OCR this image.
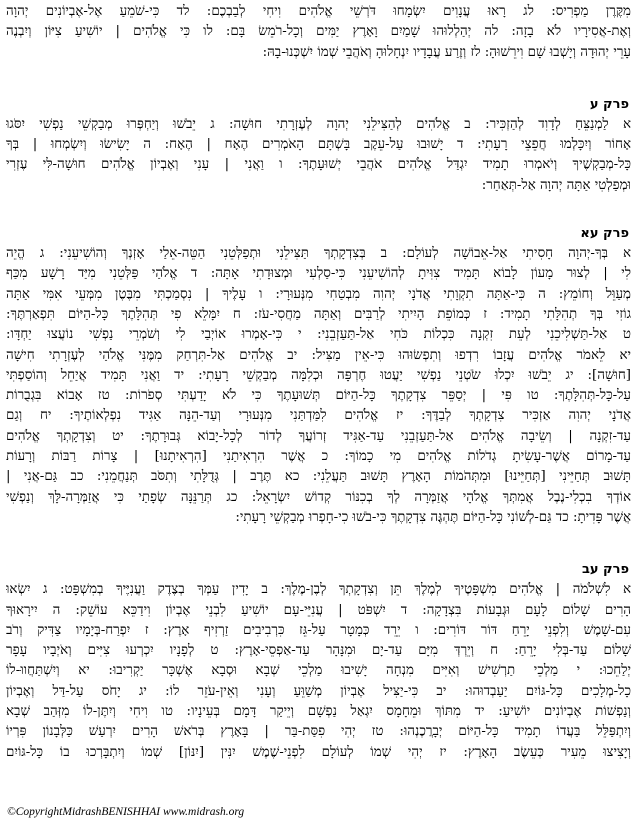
מִקֶּרֶן מַפְרִיס: לג רָאוּ עֲנָוִים יִשְׂמָחוּ דֹּרְשֵׁי אֱלֹהִים וִיחִי לְבַבְכֶם: לד כִּי-שֹׁמֵעַ אֶל-אֶבְיוֹנִים יְהוָה
וְאֶת-אֲסִירָיו לֹא בָזָה: לה יְהַלְלוּהוּ שָׁמַיִם וָאָרֶץ יַמִּים וְכָל-רֹמֵשׂ בָּם: לו כִּי אֱלֹהִים | יוֹשִׁיעַ צִיּוֹן וְיִבְנֶה
עָרֵי יְהוּדָה וְיָשְׁבוּ שָׁם וִירֵשׁוּהָ: לז וְזֶרַע עֲבָדָיו יִנְחָלוּהָ וְאֹהֲבֵי שְׁמוֹ יִשְׁכְּנוּ-בָהּ:
פרק ע
א לַמְנַצֵּחַ לְדָוִד לְהַזְכִּיר: ב אֱלֹהִים לְהַצִּילֵנִי יְהוָה לְעֶזְרָתִי חוּשָׁה: ג יֵבֹשׁוּ וְיַחְפְּרוּ מְבַקְשֵׁי נַפְשִׁי יִסֹּגוּ
אָחוֹר וְיִכָּלְמוּ חֲפֵצֵי רָעָתִי: ד יָשׁוּבוּ עַל-עֵקֶב בָּשְׁתָּם הָאֹמְרִים הֶאָח | הֶאָח: ה יָשִׂישׂוּ וְיִשְׂמְחוּ | בְּךָ
כָּל-מְבַקְשֶׁיךָ וְיֹאמְרוּ תָמִיד יִגְדַּל אֱלֹהִים אֹהֲבֵי יְשׁוּעָתֶךָ: ו וַאֲנִי | עָנִי וְאֶבְיוֹן אֱלֹהִים חוּשָׁה-לִּי עֶזְרִי
וּמְפַלְטִי אַתָּה יְהוָה אַל-תְּאַחַר:
פרק עא
א בְּךָ-יְהוָה חָסִיתִי אַל-אֵבוֹשָׁה לְעוֹלָם: ב בְּצִדְקָתְךָ תַּצִּילֵנִי וּתְפַלְּטֵנִי הַטֵּה-אֵלַי אָזְנְךָ וְהוֹשִׁיעֵנִי: ג הֱיֵה
לִי | לְצוּר מָעוֹן לָבוֹא תָּמִיד צִוִּיתָ לְהוֹשִׁיעֵנִי כִּי-סַלְעִי וּמְצוּדָתִי אָתָּה: ד אֱלֹהַי פַּלְּטֵנִי מִיַּד רָשָׁע מִכַּף
מְעַוֵּל וְחוֹמֵץ: ה כִּי-אַתָּה תִקְוָתִי אֲדֹנָי יְהוִה מִבְטַחִי מִנְּעוּרָי: ו עָלֶיךָ | נִסְמַכְתִּי מִבֶּטֶן מִמְּעֵי אִמִּי אַתָּה
גוֹזִי בְּךָ תְהִלָּתִי תָמִיד: ז כְּמוֹפֵת הָיִיתִי לְרַבִּים וְאַתָּה מַחֲסִי-עֹז: ח יִמָּלֵא פִי תְּהִלָּתֶךָ כָּל-הַיּוֹם תִּפְאַרְתֶּךָ:
ט אַל-תַּשְׁלִיכֵנִי לְעֵת זִקְנָה כִּכְלוֹת כֹּחִי אַל-תַּעַזְבֵנִי: י כִּי-אָמְרוּ אוֹיְבַי לִי וְשֹׁמְרֵי נַפְשִׁי נוֹעֲצוּ יַחְדָּו:
יא לֵאמֹר אֱלֹהִים עֲזָבוֹ רִדְפוּ וְתִפְשׂוּהוּ כִּי-אֵין מַצִּיל: יב אֱלֹהִים אַל-תִּרְחַק מִמֶּנִּי אֱלֹהַי לְעֶזְרָתִי חִישָׁה
[חוּשָׁה]: יג יֵבֹשׁוּ יִכְלוּ שֹׂטְנֵי נַפְשִׁי יַעֲטוּ חֶרְפָּה וּכְלִמָּה מְבַקְשֵׁי רָעָתִי: יד וַאֲנִי תָּמִיד אֲיַחֵל וְהוֹסַפְתִּי
עַל-כָּל-תְּהִלָּתֶךָ: טו פִּי | יְסַפֵּר צִדְקָתֶךָ כָּל-הַיּוֹם תְּשׁוּעָתֶךָ כִּי לֹא יָדַעְתִּי סְפֹרוֹת: טז אָבוֹא בִּגְבֻרוֹת
אֲדֹנָי יְהוִה אַזְכִּיר צִדְקָתְךָ לְבַדֶּךָ: יז אֱלֹהִים לִמַּדְתַּנִי מִנְּעוּרָי וְעַד-הֵנָּה אַגִּיד נִפְלְאוֹתֶיךָ: יח וְגַם
עַד-זִקְנָה | וְשֵׂיבָה אֱלֹהִים אַל-תַּעַזְבֵנִי עַד-אַגִּיד זְרוֹעֲךָ לְדוֹר לְכָל-יָבוֹא גְּבוּרָתֶךָ: יט וְצִדְקָתְךָ אֱלֹהִים
עַד-מָרוֹם אֲשֶׁר-עָשִׂיתָ גְדֹלוֹת אֱלֹהִים מִי כָמוֹךָ: כ אֲשֶׁר הִרְאִיתַנִי [הִרְאִיתָנוּ] | צָרוֹת רַבּוֹת וְרָעוֹת
תָּשׁוּב תְּחַיֵּינִי [תְּחַיֵּינוּ] וּמִתְּהֹמוֹת הָאָרֶץ תָּשׁוּב תַּעֲלֵנִי: כא תֶּרֶב | גְּדֻלָּתִי וְתִסֹּב תְּנַחֲמֵנִי: כב גַּם-אֲנִי |
אוֹדְךָ בִכְלִי-נֶבֶל אֲמִתְּךָ אֱלֹהָי אֲזַמְּרָה לְךָ בְכִנּוֹר קְדוֹשׁ יִשְׂרָאֵל: כג תְּרַנֵּנָּה שְׂפָתַי כִּי אֲזַמְּרָה-לָּךְ וְנַפְשִׁי
אֲשֶׁר פָּדִיתָ: כד גַּם-לְשׁוֹנִי כָּל-הַיּוֹם תֶּהְגֶּה צִדְקָתֶךָ כִּי-בֹשׁוּ כִי-חָפְרוּ מְבַקְשֵׁי רָעָתִי:
פרק עב
א לִשְׁלֹמֹה | אֱלֹהִים מִשְׁפָּטֶיךָ לְמֶלֶךְ תֵּן וְצִדְקָתְךָ לְבֶן-מֶלֶךְ: ב יָדִין עַמְּךָ בְצֶדֶק וַעֲנִיֶּיךָ בְמִשְׁפָּט: ג יִשְׂאוּ
הָרִים שָׁלוֹם לָעָם וּגְבָעוֹת בִּצְדָקָה: ד יִשְׁפֹּט | עֲנִיֵּי-עָם יוֹשִׁיעַ לִבְנֵי אֶבְיוֹן וִידַכֵּא עוֹשֵׁק: ה יִירָאוּךָ
עִם-שָׁמֶשׁ וְלִפְנֵי יָרֵחַ דּוֹר דּוֹרִים: ו יֵרֵד כְּמָטָר עַל-גֵּז כִּרְבִיבִים זַרְזִיף אָרֶץ: ז יִפְרַח-בְּיָמָיו צַדִּיק וְרֹב
שָׁלוֹם עַד-בְּלִי יָרֵחַ: ח וְיֵרְדְּ מִיָּם עַד-יָם וּמִנָּהָר עַד-אַפְסֵי-אָרֶץ: ט לְפָנָיו יִכְרְעוּ צִיִּים וְאֹיְבָיו עָפָר
יְלַחֵכוּ: י מַלְכֵי תַרְשִׁישׁ וְאִיִּים מִנְחָה יָשִׁיבוּ מַלְכֵי שְׁבָא וּסְבָא אֶשְׁכָּר יַקְרִיבוּ: יא וְיִשְׁתַּחֲווּ-לוֹ
כָל-מְלָכִים כָּל-גּוֹיִם יַעַבְדוּהוּ: יב כִּי-יַצִּיל אֶבְיוֹן מְשַׁוֵּעַ וְעָנִי וְאֵין-עֹזֵר לוֹ: יג יָחֹס עַל-דַּל וְאֶבְיוֹן
וְנַפְשׁוֹת אֶבְיוֹנִים יוֹשִׁיעַ: יד מִתּוֹךְ וּמֵחָמָס יִגְאַל נַפְשָׁם וְיֵיקַר דָּמָם בְּעֵינָיו: טו וִיחִי וְיִתֶּן-לוֹ מִזְּהַב שְׁבָא
וְיִתְפַּלֵּל בַּעֲדוֹ תָמִיד כָּל-הַיּוֹם יְבָרֲכֶנְהוּ: טז יְהִי פִסַּת-בַּר | בָּאָרֶץ בְּרֹאשׁ הָרִים יִרְעַשׁ כַּלְּבָנוֹן פִּרְיוֹ
וְיָצִיצוּ מֵעִיר כְּעֵשֶׂב הָאָרֶץ: יז יְהִי שְׁמוֹ לְעוֹלָם לִפְנֵי-שֶׁמֶשׁ יִנִּין [יִנּוֹן] שְׁמוֹ וְיִתְבָּרְכוּ בוֹ כָּל-גּוֹיִם
©CopyrightMidrashBENISHHAI www.midrash.org
